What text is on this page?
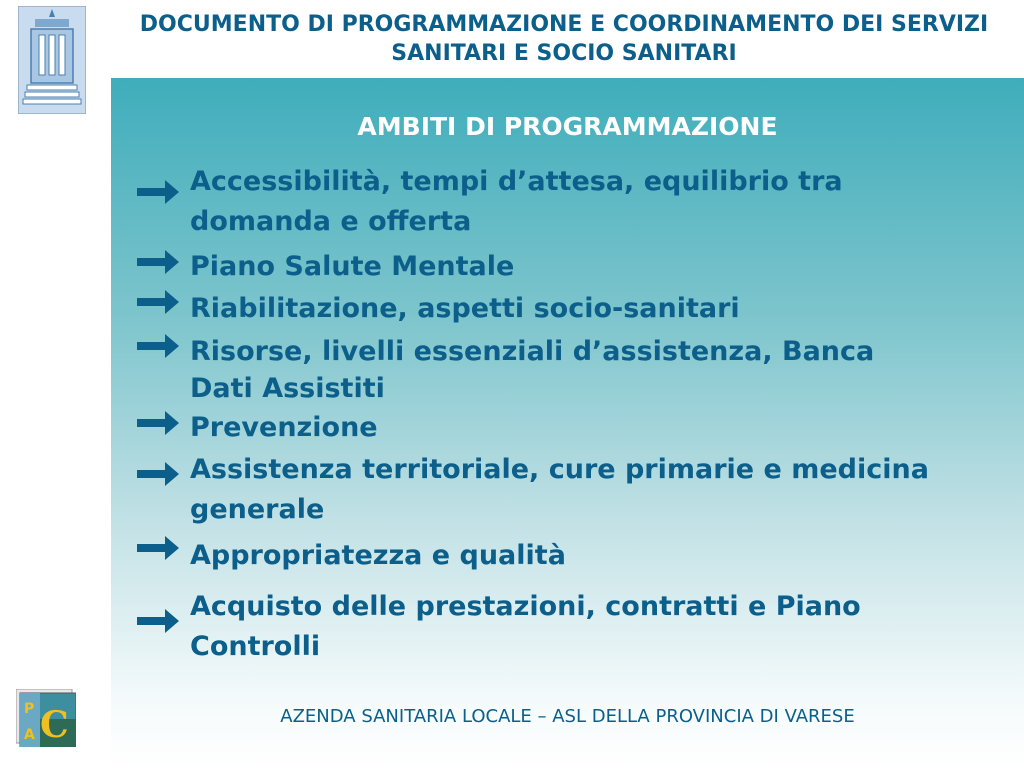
DOCUMENTO DI PROGRAMMAZIONE E COORDINAMENTO DEI SERVIZI SANITARI E SOCIO SANITARI
AMBITI DI PROGRAMMAZIONE
Accessibilità, tempi d’attesa, equilibrio tra
domanda e offerta
Piano Salute Mentale
Riabilitazione, aspetti socio-sanitari
Risorse, livelli essenziali d’assistenza, Banca
Dati Assistiti
Prevenzione
Assistenza territoriale, cure primarie e medicina
generale
Appropriatezza e qualità
Acquisto delle prestazioni, contratti e Piano
Controlli
P
A C	AZENDA SANITARIA LOCALE – ASL DELLA PROVINCIA DI VARESE
